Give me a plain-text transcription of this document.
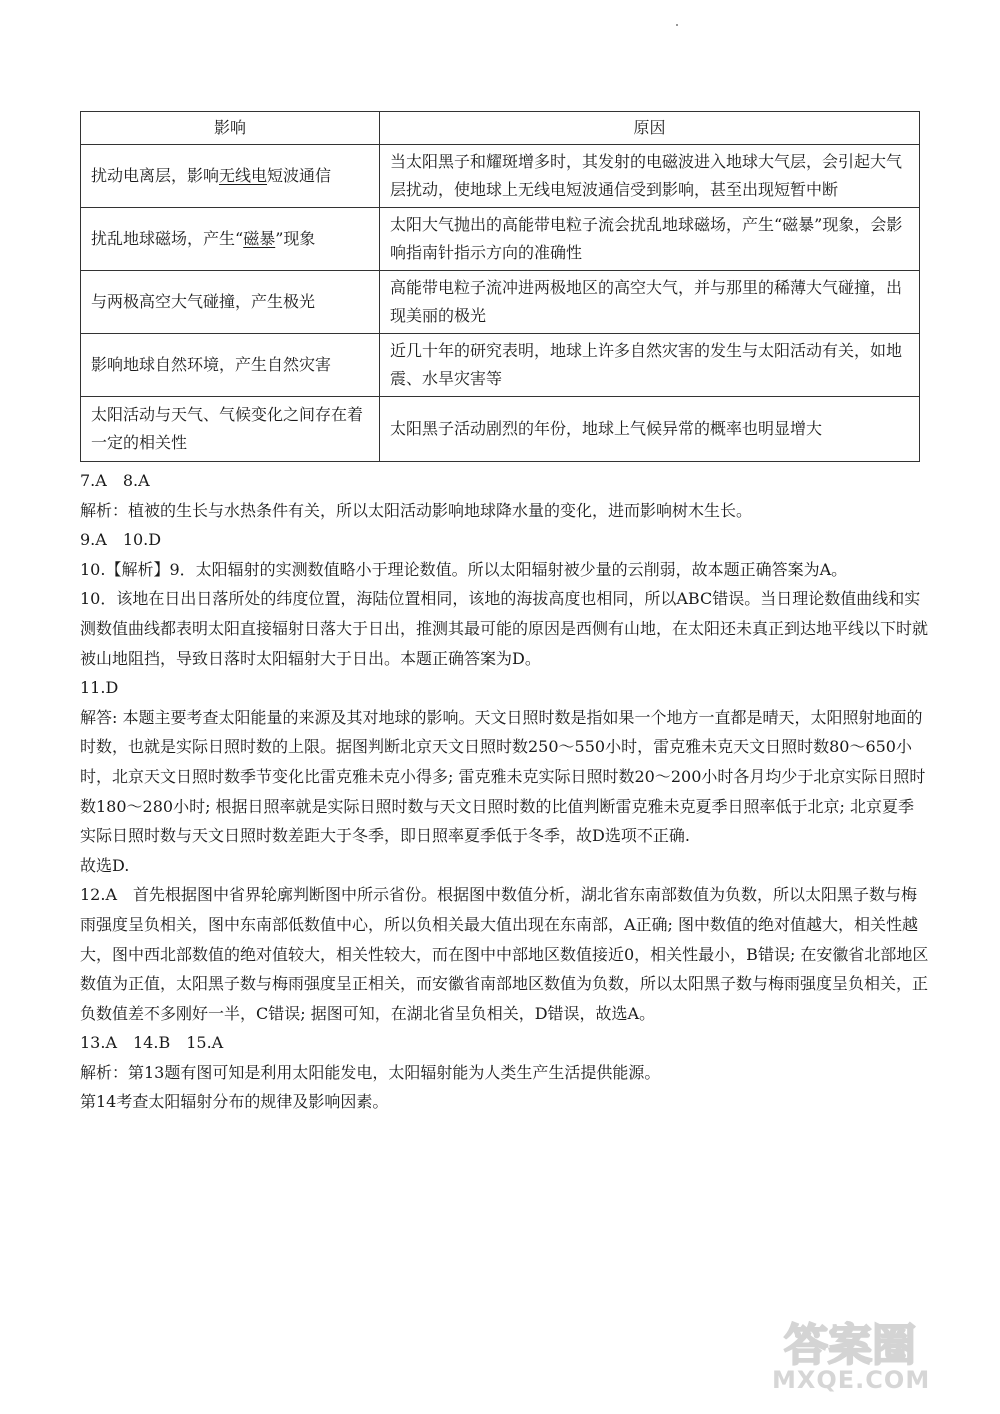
影响	原因
扰动电离层，影响无线电短波通信	当太阳黑子和耀斑增多时，其发射的电磁波进入地球大气层，会引起大气层扰动，使地球上无线电短波通信受到影响，甚至出现短暂中断
扰乱地球磁场，产生“磁暴”现象	太阳大气抛出的高能带电粒子流会扰乱地球磁场，产生“磁暴”现象，会影响指南针指示方向的准确性
与两极高空大气碰撞，产生极光	高能带电粒子流冲进两极地区的高空大气，并与那里的稀薄大气碰撞，出现美丽的极光
影响地球自然环境，产生自然灾害	近几十年的研究表明，地球上许多自然灾害的发生与太阳活动有关，如地震、水旱灾害等
太阳活动与天气、气候变化之间存在着一定的相关性	太阳黑子活动剧烈的年份，地球上气候异常的概率也明显增大

7.A　8.A

解析：植被的生长与水热条件有关，所以太阳活动影响地球降水量的变化，进而影响树木生长。

9.A　10.D

10.【解析】9．太阳辐射的实测数值略小于理论数值。所以太阳辐射被少量的云削弱，故本题正确答案为A。

10．该地在日出日落所处的纬度位置，海陆位置相同，该地的海拔高度也相同，所以ABC错误。当日理论数值曲线和实测数值曲线都表明太阳直接辐射日落大于日出，推测其最可能的原因是西侧有山地，在太阳还未真正到达地平线以下时就被山地阻挡，导致日落时太阳辐射大于日出。本题正确答案为D。

11.D

解答: 本题主要考查太阳能量的来源及其对地球的影响。天文日照时数是指如果一个地方一直都是晴天，太阳照射地面的时数，也就是实际日照时数的上限。据图判断北京天文日照时数250～550小时，雷克雅未克天文日照时数80～650小时，北京天文日照时数季节变化比雷克雅未克小得多; 雷克雅未克实际日照时数20～200小时各月均少于北京实际日照时数180～280小时; 根据日照率就是实际日照时数与天文日照时数的比值判断雷克雅未克夏季日照率低于北京; 北京夏季实际日照时数与天文日照时数差距大于冬季，即日照率夏季低于冬季，故D选项不正确.

故选D.

12.A　首先根据图中省界轮廓判断图中所示省份。根据图中数值分析，湖北省东南部数值为负数，所以太阳黑子数与梅雨强度呈负相关，图中东南部低数值中心，所以负相关最大值出现在东南部，A正确; 图中数值的绝对值越大，相关性越大，图中西北部数值的绝对值较大，相关性较大，而在图中中部地区数值接近0，相关性最小，B错误; 在安徽省北部地区数值为正值，太阳黑子数与梅雨强度呈正相关，而安徽省南部地区数值为负数，所以太阳黑子数与梅雨强度呈负相关，正负数值差不多刚好一半，C错误; 据图可知，在湖北省呈负相关，D错误，故选A。

13.A　14.B　15.A

解析：第13题有图可知是利用太阳能发电，太阳辐射能为人类生产生活提供能源。

第14考查太阳辐射分布的规律及影响因素。

答案圈
MXQE.COM
